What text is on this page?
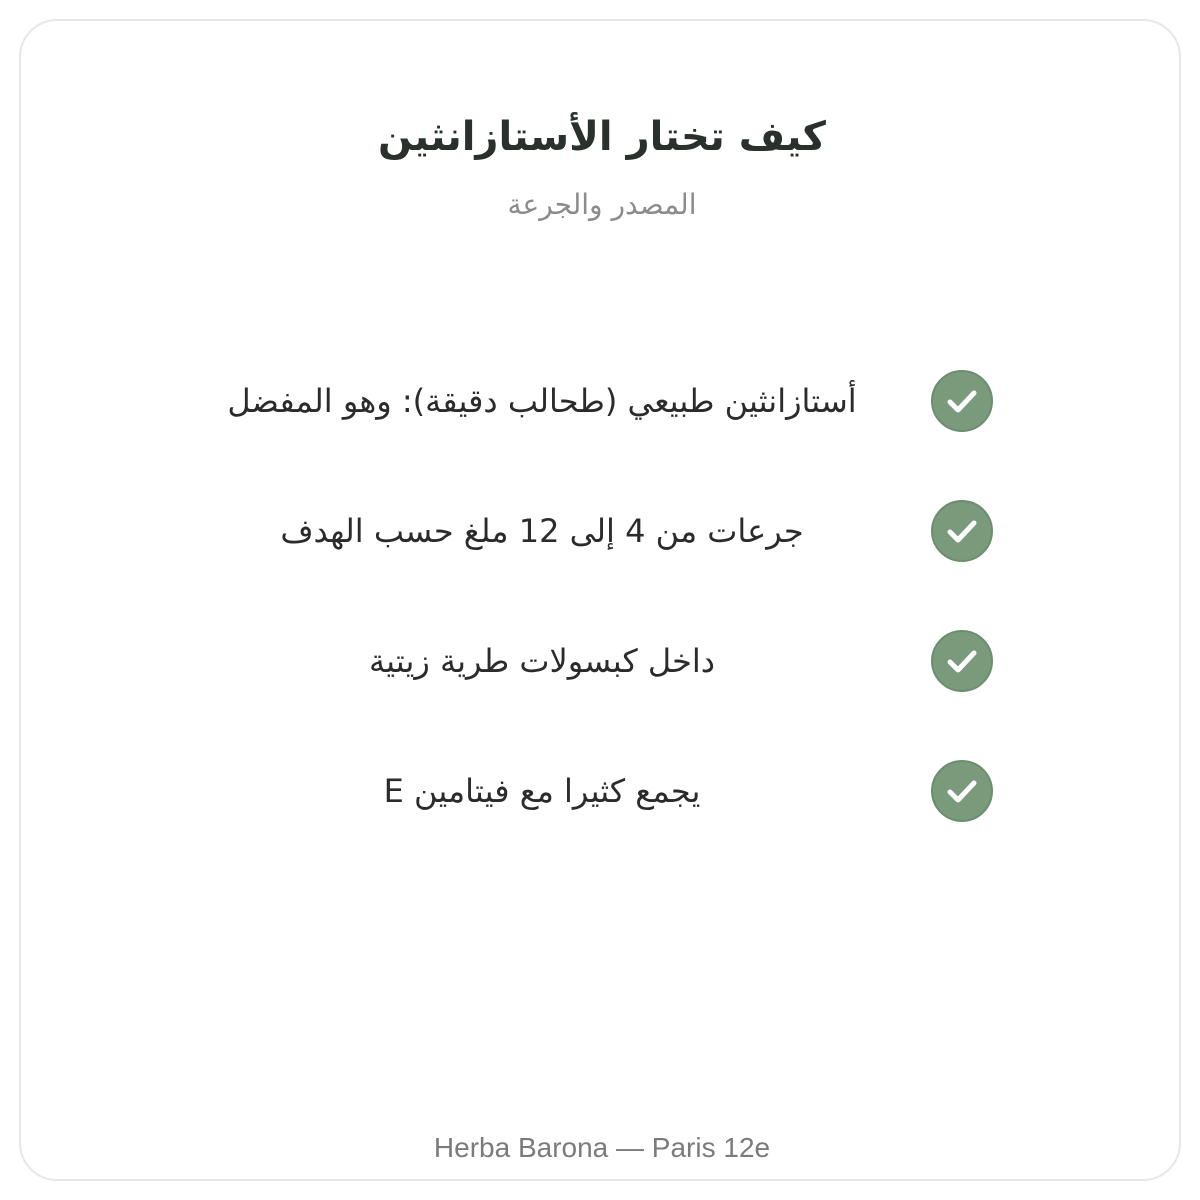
كيف تختار الأستازانثين
المصدر والجرعة
أستازانثين طبيعي (طحالب دقيقة): وهو المفضل
جرعات من 4 إلى 12 ملغ حسب الهدف
داخل كبسولات طرية زيتية
يجمع كثيرا مع فيتامين E
Herba Barona — Paris 12e
